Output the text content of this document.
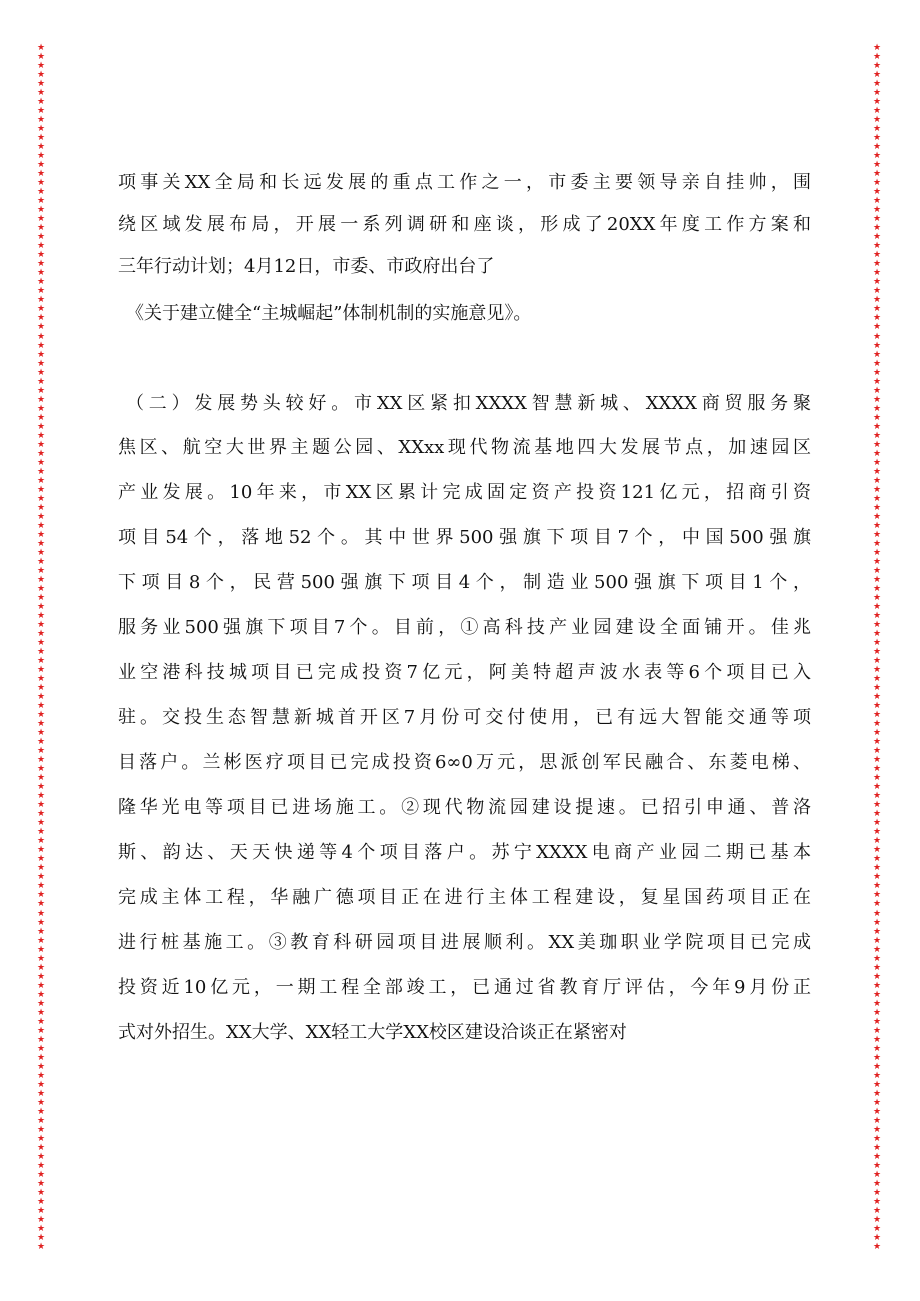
★
★
★
★
★
★
★
★
★
★
★
★
★
★
★
★
★
★
★
★
★
★
★
★
★
★
★
★
★
★
★
★
★
★
★
★
★
★
★
★
★
★
★
★
★
★
★
★
★
★
★
★
★
★
★
★
★
★
★
★
★
★
★
★
★
★
★
★
★
★
★
★
★
★
★
★
★
★
★
★
★
★
★
★
★
★
★
★
★
★
★
★
★
★
★
★
★
★
★
★
★
★
★
★
★
★
★
★
★
★
★
★
★
★
★
★
★
★
★
★
★
★
★
★
★
★
★
★
★
★
★
★
★
★
★
★
★
★
★
★
★
★
★
★
★
★
★
★
★
★
★
★
★
★
★
★
★
★
★
★
★
★
★
★
★
★
★
★
★
★
★
★
★
★
★
★
★
★
★
★
★
★
★
★
★
★
★
★
★
★
★
★
★
★
★
★
★
★
★
★
★
★
★
★
★
★
★
★
★
★
★
★
★
★
★
★
★
★
★
★
★
★
★
★
★
★
★
★
★
★
★
★
★
★
★
★
★
★
★
★
★
★
★
★
★
★
★
★
★
★
★
★
★
★
★
★
★
★
★
★
★
★
★
★
★
★
★
★
项事关XX全局和长远发展的重点工作之一，市委主要领导亲自挂帅，围
绕区域发展布局，开展一系列调研和座谈，形成了20XX年度工作方案和
三年行动计划；4月12日，市委、市政府出台了
《关于建立健全“主城崛起”体制机制的实施意见》。
（二）发展势头较好。市XX区紧扣XXXX智慧新城、XXXX商贸服务聚
焦区、航空大世界主题公园、XXxx现代物流基地四大发展节点，加速园区
产业发展。10年来，市XX区累计完成固定资产投资121亿元，招商引资
项目54个，落地52个。其中世界500强旗下项目7个，中国500强旗
下项目8个，民营500强旗下项目4个，制造业500强旗下项目1个，
服务业500强旗下项目7个。目前，①高科技产业园建设全面铺开。佳兆
业空港科技城项目已完成投资7亿元，阿美特超声波水表等6个项目已入
驻。交投生态智慧新城首开区7月份可交付使用，已有远大智能交通等项
目落户。兰彬医疗项目已完成投资6∞0万元，思派创军民融合、东菱电梯、
隆华光电等项目已进场施工。②现代物流园建设提速。已招引申通、普洛
斯、韵达、天天快递等4个项目落户。苏宁XXXX电商产业园二期已基本
完成主体工程，华融广德项目正在进行主体工程建设，复星国药项目正在
进行桩基施工。③教育科研园项目进展顺利。XX美珈职业学院项目已完成
投资近10亿元，一期工程全部竣工，已通过省教育厅评估，今年9月份正
式对外招生。XX大学、XX轻工大学XX校区建设洽谈正在紧密对
